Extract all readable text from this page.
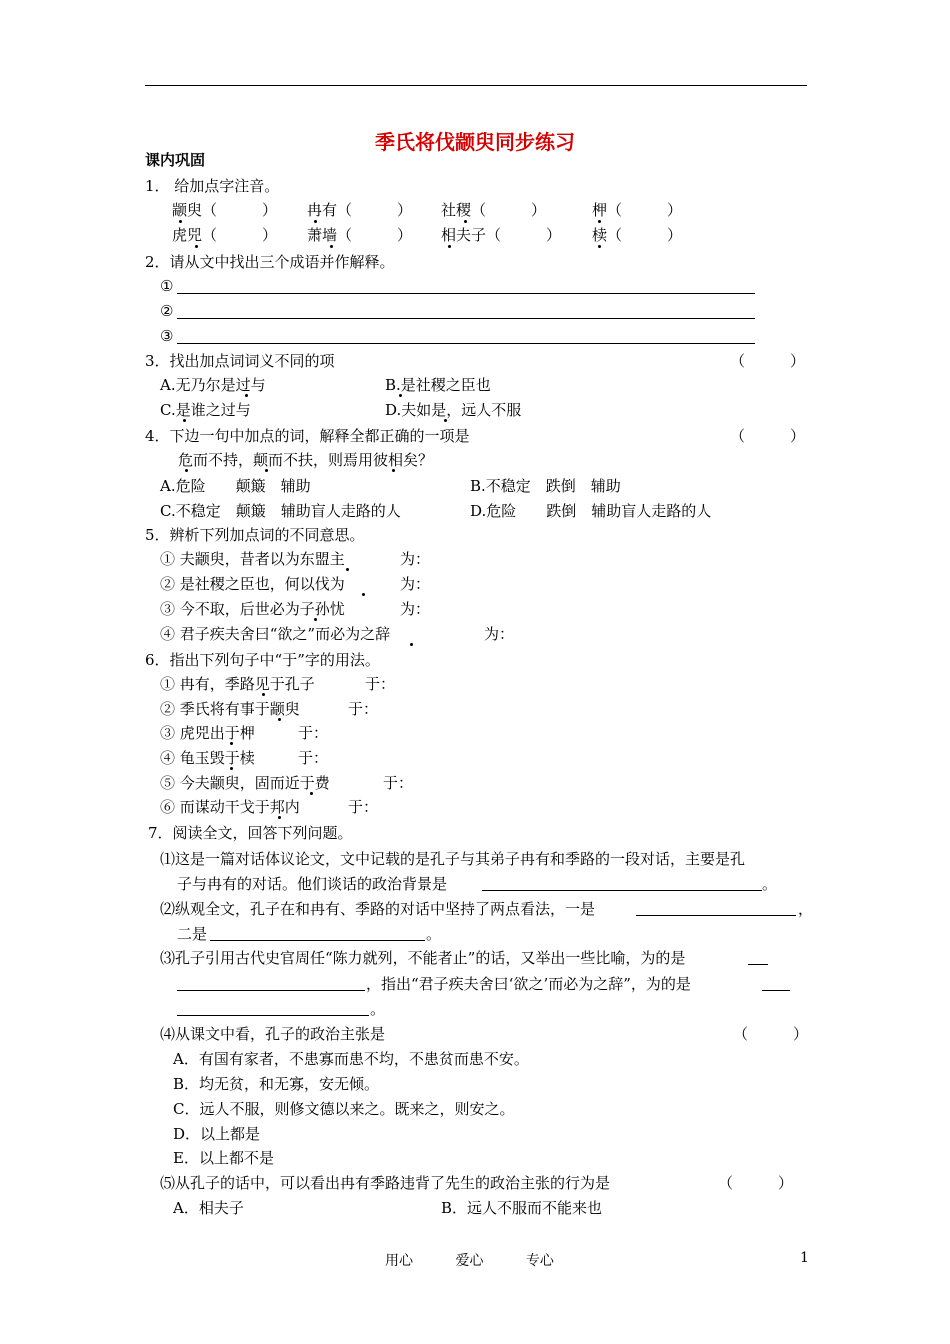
季氏将伐颛臾同步练习
课内巩固
1． 给加点字注音。
颛臾（　　　） 冉有（　　　） 社稷（　　　）	柙（　　　）
虎兕（　　　） 萧墙（　　　） 相夫子（　　　） 椟（　　　）
2．请从文中找出三个成语并作解释。
①
②
③
3．找出加点词词义不同的项	（　　　）
A.无乃尔是过与	B.是社稷之臣也
C.是谁之过与	D.夫如是，远人不服
4．下边一句中加点的词，解释全都正确的一项是	（　　　）
危而不持，颠而不扶，则焉用彼相矣？
A.危险　　颠簸　辅助	B.不稳定　跌倒　辅助
C.不稳定　颠簸　辅助盲人走路的人	D.危险　　跌倒　辅助盲人走路的人
5．辨析下列加点词的不同意思。
① 夫颛臾，昔者以为东盟主	为：
② 是社稷之臣也，何以伐为	为：
③ 今不取，后世必为子孙忧	为：
④ 君子疾夫舍曰“欲之”而必为之辞	为：
6．指出下列句子中“于”字的用法。
① 冉有，季路见于孔子	于：
② 季氏将有事于颛臾	于：
③ 虎兕出于柙	于：
④ 龟玉毁于椟	于：
⑤ 今夫颛臾，固而近于费	于：
⑥ 而谋动干戈于邦内	于：
7．阅读全文，回答下列问题。
⑴这是一篇对话体议论文，文中记载的是孔子与其弟子冉有和季路的一段对话，主要是孔
子与冉有的对话。他们谈话的政治背景是	。
⑵纵观全文，孔子在和冉有、季路的对话中坚持了两点看法，一是	，
二是	。
⑶孔子引用古代史官周任“陈力就列，不能者止”的话，又举出一些比喻，为的是
，指出“君子疾夫舍曰‘欲之’而必为之辞”，为的是
。
⑷从课文中看，孔子的政治主张是	（　　　）
A．有国有家者，不患寡而患不均，不患贫而患不安。
B．均无贫，和无寡，安无倾。
C．远人不服，则修文德以来之。既来之，则安之。
D．以上都是
E．以上都不是
⑸从孔子的话中，可以看出冉有季路违背了先生的政治主张的行为是	（　　　）
A．相夫子	B．远人不服而不能来也
用心	爱心	专心	1
